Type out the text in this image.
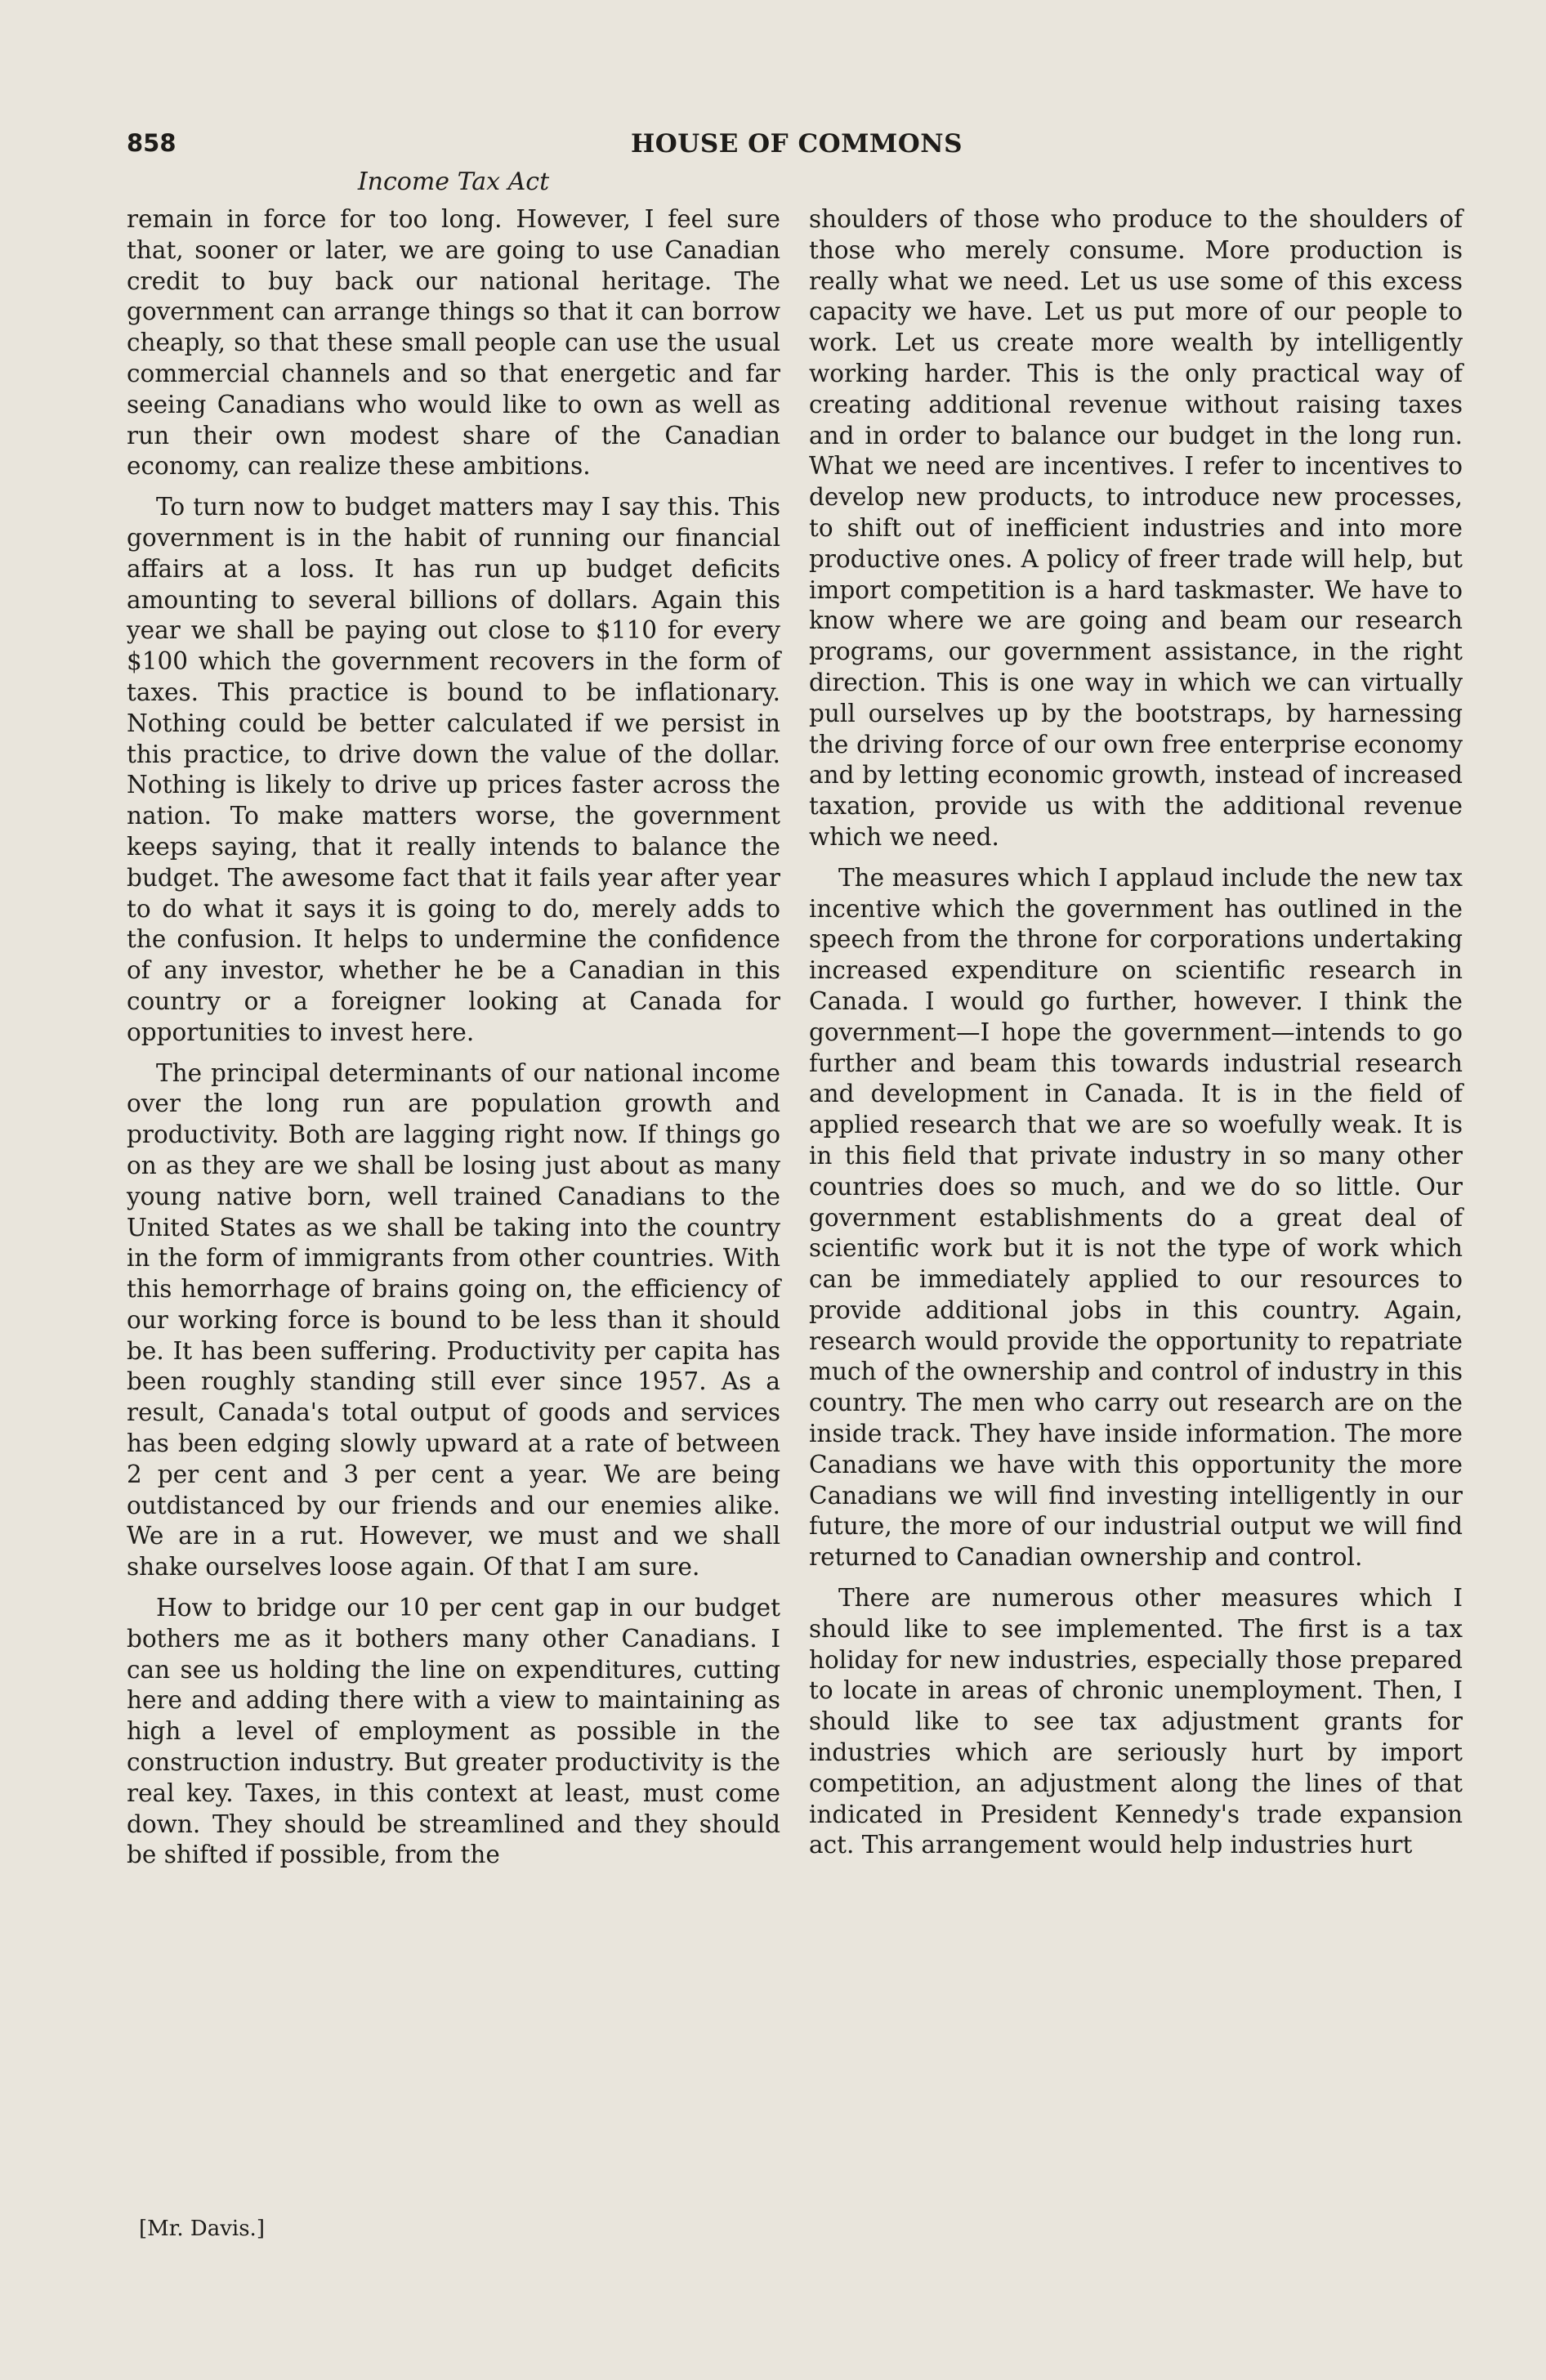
858	HOUSE OF COMMONS
Income Tax Act

remain in force for too long. However, I feel sure that, sooner or later, we are going to use Canadian credit to buy back our national heritage. The government can arrange things so that it can borrow cheaply, so that these small people can use the usual commercial channels and so that energetic and far seeing Canadians who would like to own as well as run their own modest share of the Canadian economy, can realize these ambitions.

To turn now to budget matters may I say this. This government is in the habit of running our financial affairs at a loss. It has run up budget deficits amounting to several billions of dollars. Again this year we shall be paying out close to $110 for every $100 which the government recovers in the form of taxes. This practice is bound to be inflationary. Nothing could be better calculated if we persist in this practice, to drive down the value of the dollar. Nothing is likely to drive up prices faster across the nation. To make matters worse, the government keeps saying, that it really intends to balance the budget. The awesome fact that it fails year after year to do what it says it is going to do, merely adds to the confusion. It helps to undermine the confidence of any investor, whether he be a Canadian in this country or a foreigner looking at Canada for opportunities to invest here.

The principal determinants of our national income over the long run are population growth and productivity. Both are lagging right now. If things go on as they are we shall be losing just about as many young native born, well trained Canadians to the United States as we shall be taking into the country in the form of immigrants from other countries. With this hemorrhage of brains going on, the efficiency of our working force is bound to be less than it should be. It has been suffering. Productivity per capita has been roughly standing still ever since 1957. As a result, Canada's total output of goods and services has been edging slowly upward at a rate of between 2 per cent and 3 per cent a year. We are being outdistanced by our friends and our enemies alike. We are in a rut. However, we must and we shall shake ourselves loose again. Of that I am sure.

How to bridge our 10 per cent gap in our budget bothers me as it bothers many other Canadians. I can see us holding the line on expenditures, cutting here and adding there with a view to maintaining as high a level of employment as possible in the construction industry. But greater productivity is the real key. Taxes, in this context at least, must come down. They should be streamlined and they should be shifted if possible, from the

shoulders of those who produce to the shoulders of those who merely consume. More production is really what we need. Let us use some of this excess capacity we have. Let us put more of our people to work. Let us create more wealth by intelligently working harder. This is the only practical way of creating additional revenue without raising taxes and in order to balance our budget in the long run. What we need are incentives. I refer to incentives to develop new products, to introduce new processes, to shift out of inefficient industries and into more productive ones. A policy of freer trade will help, but import competition is a hard taskmaster. We have to know where we are going and beam our research programs, our government assistance, in the right direction. This is one way in which we can virtually pull ourselves up by the bootstraps, by harnessing the driving force of our own free enterprise economy and by letting economic growth, instead of increased taxation, provide us with the additional revenue which we need.

The measures which I applaud include the new tax incentive which the government has outlined in the speech from the throne for corporations undertaking increased expenditure on scientific research in Canada. I would go further, however. I think the government—I hope the government—intends to go further and beam this towards industrial research and development in Canada. It is in the field of applied research that we are so woefully weak. It is in this field that private industry in so many other countries does so much, and we do so little. Our government establishments do a great deal of scientific work but it is not the type of work which can be immediately applied to our resources to provide additional jobs in this country. Again, research would provide the opportunity to repatriate much of the ownership and control of industry in this country. The men who carry out research are on the inside track. They have inside information. The more Canadians we have with this opportunity the more Canadians we will find investing intelligently in our future, the more of our industrial output we will find returned to Canadian ownership and control.

There are numerous other measures which I should like to see implemented. The first is a tax holiday for new industries, especially those prepared to locate in areas of chronic unemployment. Then, I should like to see tax adjustment grants for industries which are seriously hurt by import competition, an adjustment along the lines of that indicated in President Kennedy's trade expansion act. This arrangement would help industries hurt

[Mr. Davis.]
